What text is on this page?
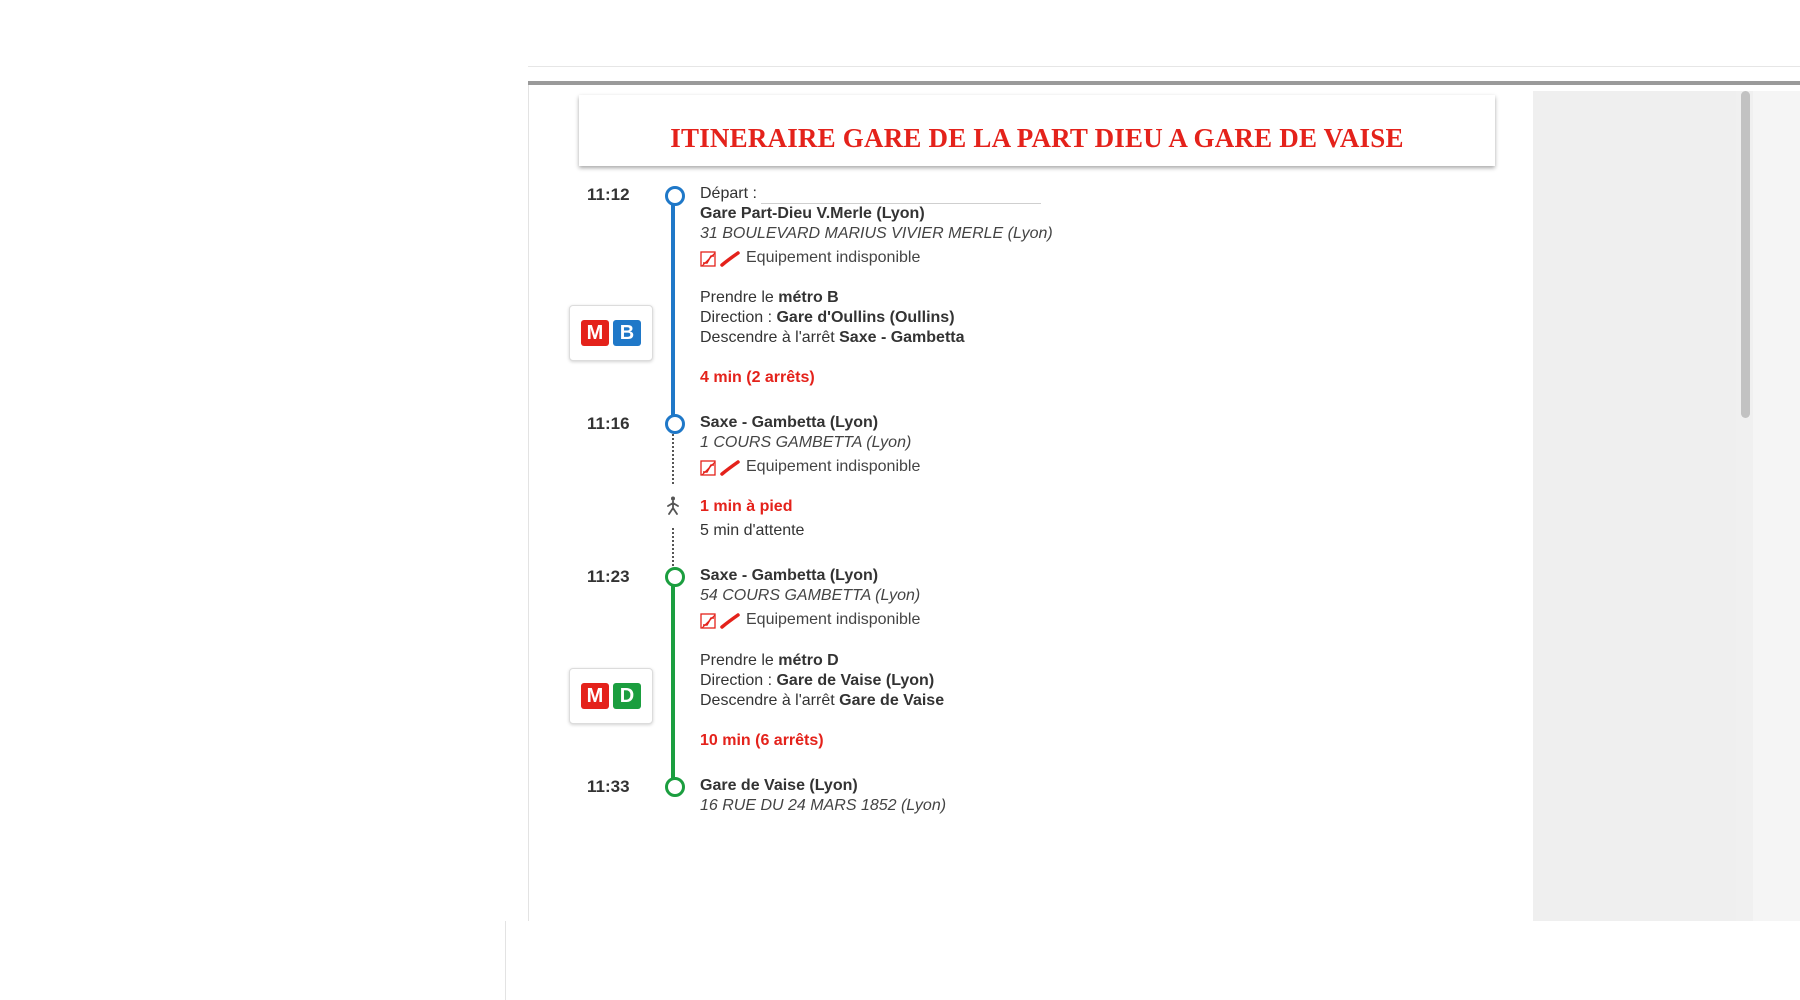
ITINERAIRE GARE DE LA PART DIEU A GARE DE VAISE
11:12	Départ :
Gare Part-Dieu V.Merle (Lyon)
31 BOULEVARD MARIUS VIVIER MERLE (Lyon)
Equipement indisponible
M B
Prendre le métro B
Direction : Gare d'Oullins (Oullins)
Descendre à l'arrêt Saxe - Gambetta
4 min (2 arrêts)
11:16	Saxe - Gambetta (Lyon)
1 COURS GAMBETTA (Lyon)
Equipement indisponible
1 min à pied
5 min d'attente
11:23	Saxe - Gambetta (Lyon)
54 COURS GAMBETTA (Lyon)
Equipement indisponible
M D
Prendre le métro D
Direction : Gare de Vaise (Lyon)
Descendre à l'arrêt Gare de Vaise
10 min (6 arrêts)
11:33	Gare de Vaise (Lyon)
16 RUE DU 24 MARS 1852 (Lyon)
